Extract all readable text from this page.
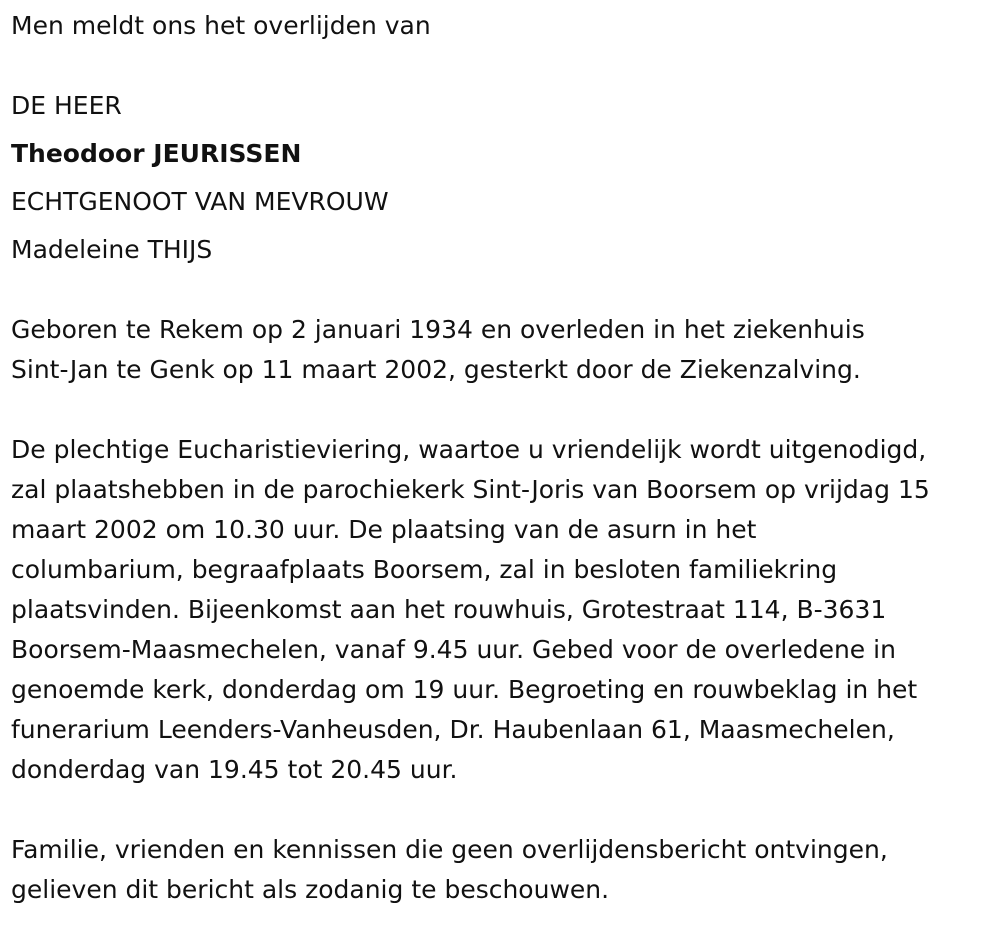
Men meldt ons het overlijden van

DE HEER

Theodoor JEURISSEN

ECHTGENOOT VAN MEVROUW

Madeleine THIJS

Geboren te Rekem op 2 januari 1934 en overleden in het ziekenhuis

Sint-Jan te Genk op 11 maart 2002, gesterkt door de Ziekenzalving.

De plechtige Eucharistieviering, waartoe u vriendelijk wordt uitgenodigd,

zal plaatshebben in de parochiekerk Sint-Joris van Boorsem op vrijdag 15

maart 2002 om 10.30 uur. De plaatsing van de asurn in het

columbarium, begraafplaats Boorsem, zal in besloten familiekring

plaatsvinden. Bijeenkomst aan het rouwhuis, Grotestraat 114, B-3631

Boorsem-Maasmechelen, vanaf 9.45 uur. Gebed voor de overledene in

genoemde kerk, donderdag om 19 uur. Begroeting en rouwbeklag in het

funerarium Leenders-Vanheusden, Dr. Haubenlaan 61, Maasmechelen,

donderdag van 19.45 tot 20.45 uur.

Familie, vrienden en kennissen die geen overlijdensbericht ontvingen,

gelieven dit bericht als zodanig te beschouwen.
